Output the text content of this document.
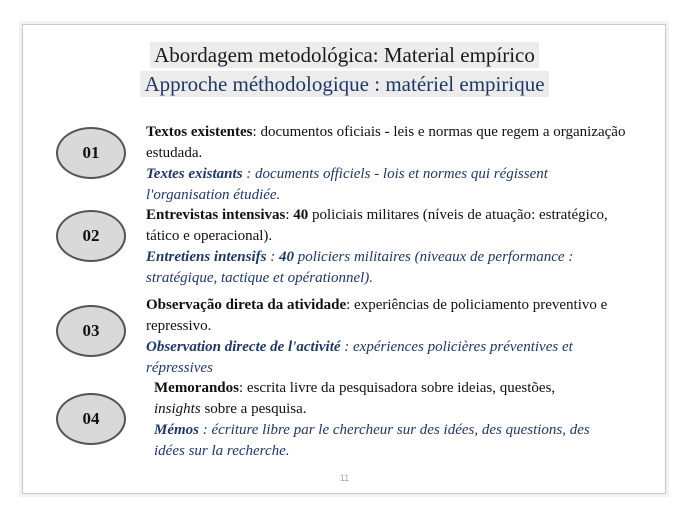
Abordagem metodológica: Material empírico
Approche méthodologique : matériel empirique
01
Textos existentes: documentos oficiais - leis e normas que regem a organização estudada.
Textes existants : documents officiels - lois et normes qui régissent l'organisation étudiée.
02
Entrevistas intensivas: 40 policiais militares (níveis de atuação: estratégico, tático e operacional).
Entretiens intensifs : 40 policiers militaires (niveaux de performance : stratégique, tactique et opérationnel).
03
Observação direta da atividade: experiências de policiamento preventivo e repressivo.
Observation directe de l'activité : expériences policières préventives et répressives
04
Memorandos: escrita livre da pesquisadora sobre ideias, questões, insights sobre a pesquisa.
Mémos : écriture libre par le chercheur sur des idées, des questions, des idées sur la recherche.
11
